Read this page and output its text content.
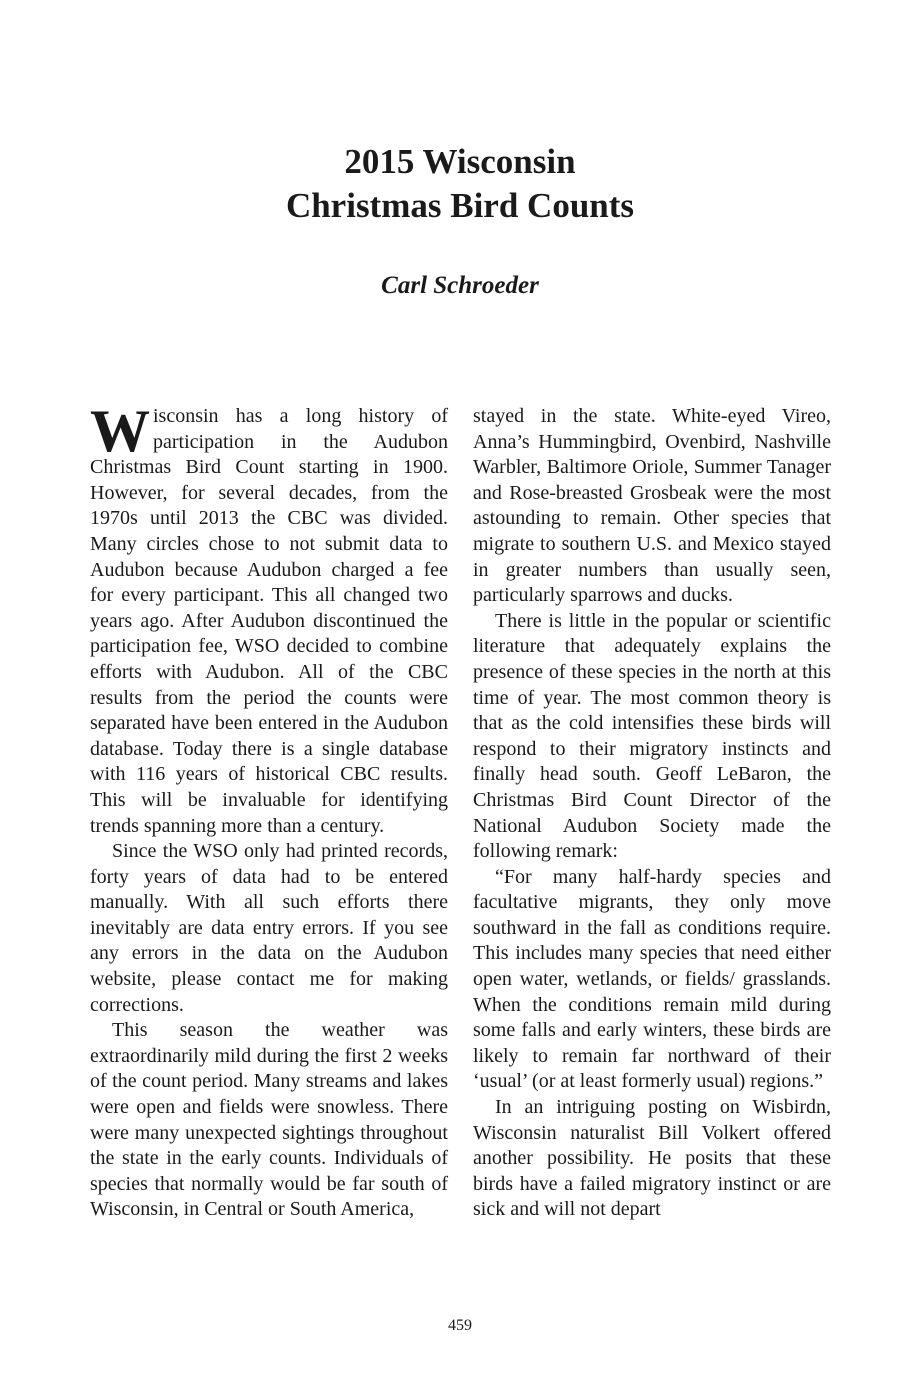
2015 Wisconsin
Christmas Bird Counts
Carl Schroeder

Wisconsin has a long history of participation in the Audubon Christmas Bird Count starting in 1900. However, for several decades, from the 1970s until 2013 the CBC was divided. Many circles chose to not submit data to Audubon because Audubon charged a fee for every participant. This all changed two years ago. After Audubon discontinued the participation fee, WSO decided to combine efforts with Audubon. All of the CBC results from the period the counts were separated have been entered in the Audubon database. Today there is a single database with 116 years of historical CBC results. This will be invaluable for identifying trends spanning more than a century.

Since the WSO only had printed records, forty years of data had to be entered manually. With all such efforts there inevitably are data entry errors. If you see any errors in the data on the Audubon website, please contact me for making corrections.

This season the weather was extraordinarily mild during the first 2 weeks of the count period. Many streams and lakes were open and fields were snowless. There were many unexpected sightings throughout the state in the early counts. Individuals of species that normally would be far south of Wisconsin, in Central or South America,

stayed in the state. White-eyed Vireo, Anna’s Hummingbird, Ovenbird, Nashville Warbler, Baltimore Oriole, Summer Tanager and Rose-breasted Grosbeak were the most astounding to remain. Other species that migrate to southern U.S. and Mexico stayed in greater numbers than usually seen, particularly sparrows and ducks.

There is little in the popular or scientific literature that adequately explains the presence of these species in the north at this time of year. The most common theory is that as the cold intensifies these birds will respond to their migratory instincts and finally head south. Geoff LeBaron, the Christmas Bird Count Director of the National Audubon Society made the following remark:

“For many half-hardy species and facultative migrants, they only move southward in the fall as conditions require. This includes many species that need either open water, wetlands, or fields/ grasslands. When the conditions remain mild during some falls and early winters, these birds are likely to remain far northward of their ‘usual’ (or at least formerly usual) regions.”

In an intriguing posting on Wisbirdn, Wisconsin naturalist Bill Volkert offered another possibility. He posits that these birds have a failed migratory instinct or are sick and will not depart

459
